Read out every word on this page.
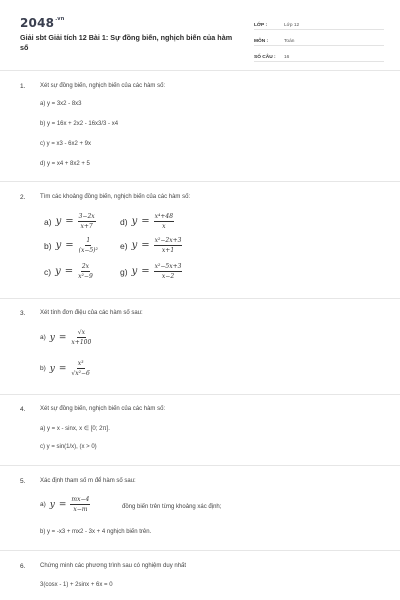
$2048^{.vn}$
Giải sbt Giải tích 12 Bài 1: Sự đồng biến, nghịch biến của hàm số
LỚP :	Lớp 12
MÔN :	Toán
SỐ CÂU :	16
1. Xét sự đồng biến, nghịch biến của các hàm số:
a) y = 3x2 - 8x3
b) y = 16x + 2x2 - 16x3/3 - x4
c) y = x3 - 6x2 + 9x
d) y = x4 + 8x2 + 5
2. Tìm các khoảng đồng biến, nghịch biến của các hàm số:
a) $y = \frac{3-2x}{x+7}$	d) $y = \frac{\text{x⁴+48}}{x}$
b) $y = \frac{1}{\text{(x−5)²}} e$) $y = \frac{\text{x²−2x+3}}{x+1}$
c) $y = \frac{2x}{\text{x²−9}}$	g) $y = \frac{\text{x²−5x+3}}{x-2}$
3. Xét tính đơn điệu của các hàm số sau:
a) $y = \frac{√x}{x+100}$
b) $y = \frac{\text{x³}}{\text{√x²−6}}$
4. Xét sự đồng biến, nghịch biến của các hàm số:
a) y = x - sinx, x ∈ [0; 2π].
c) y = sin(1/x), (x > 0)
5. Xác định tham số m để hàm số sau:
a) $y = \frac{mx-4}{x-m}$	đồng biến trên từng khoảng xác định;
b) y = -x3 + mx2 - 3x + 4 nghịch biến trên.
6. Chứng minh các phương trình sau có nghiệm duy nhất
3(cosx - 1) + 2sinx + 6x = 0
